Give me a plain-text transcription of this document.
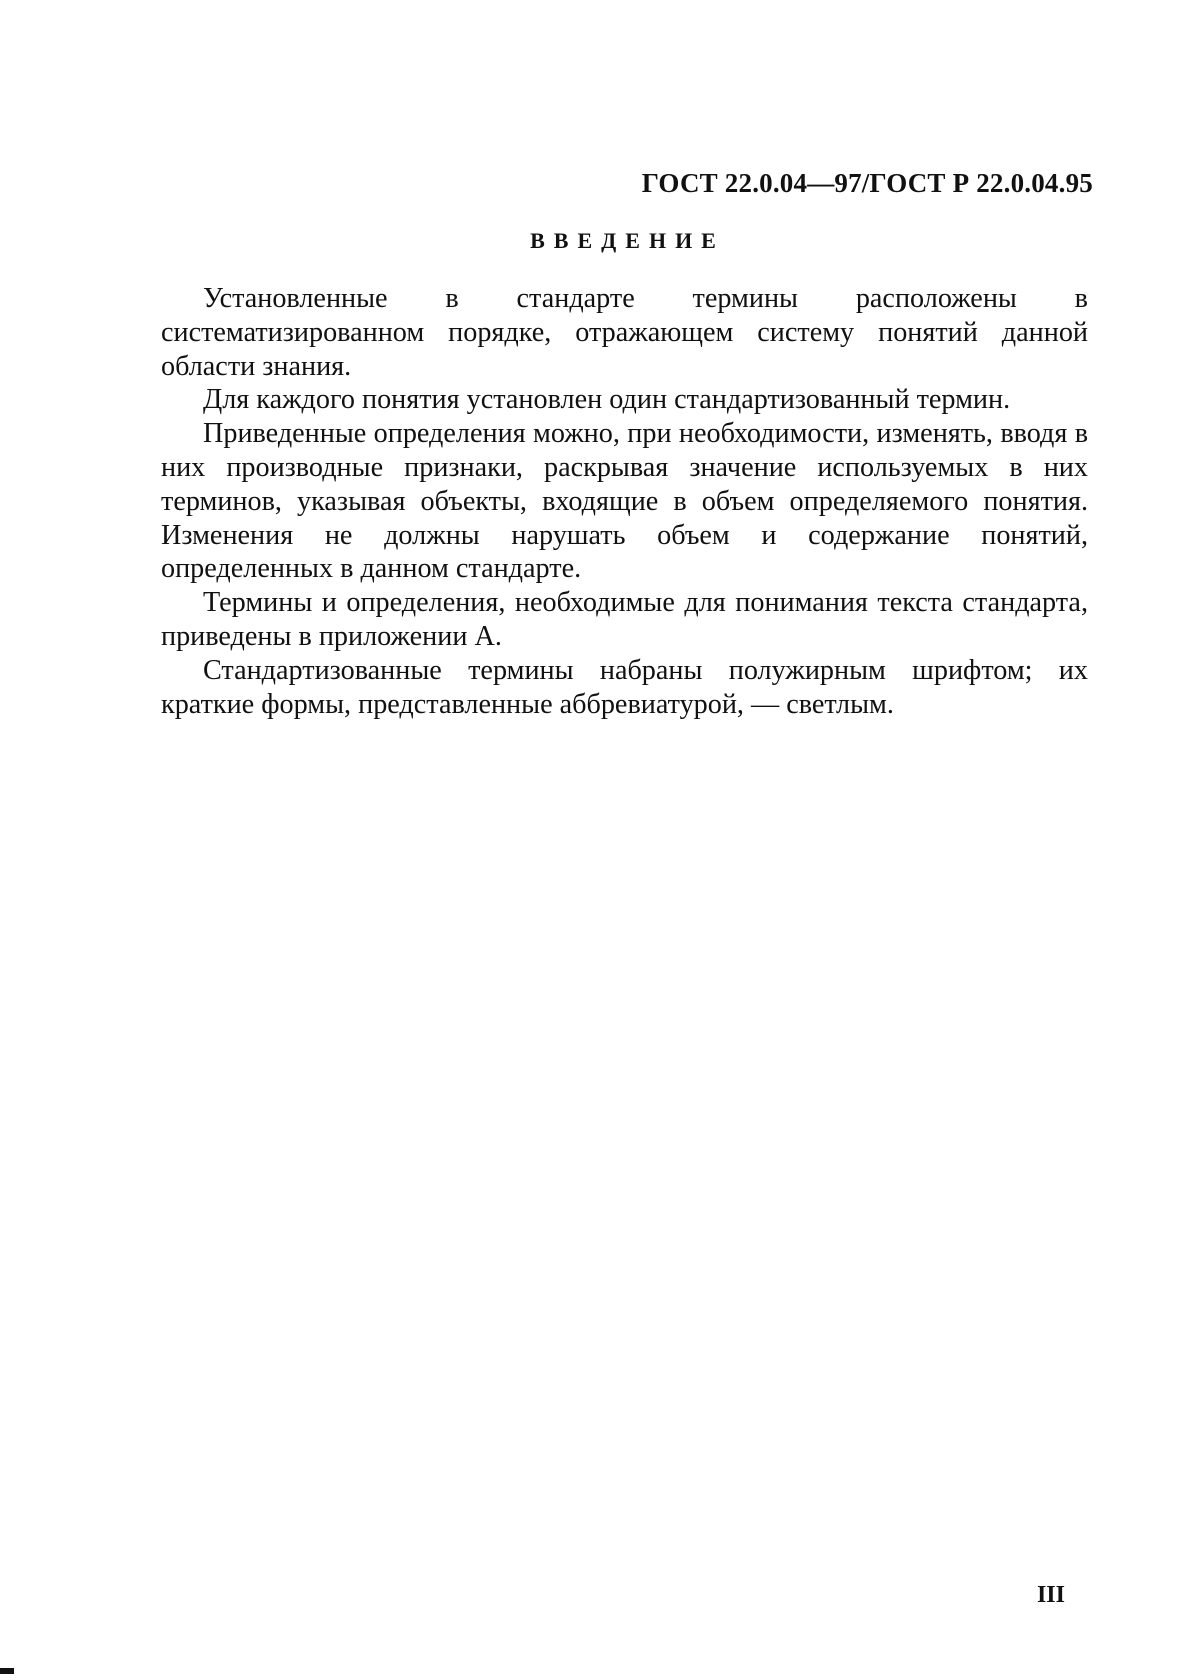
ГОСТ 22.0.04—97/ГОСТ Р 22.0.04.95
ВВЕДЕНИЕ

Установленные в стандарте термины расположены в систематизированном порядке, отражающем систему понятий данной области знания.

Для каждого понятия установлен один стандартизованный термин.

Приведенные определения можно, при необходимости, изменять, вводя в них производные признаки, раскрывая значение используемых в них терминов, указывая объекты, входящие в объем определяемого понятия. Изменения не должны нарушать объем и содержание понятий, определенных в данном стандарте.

Термины и определения, необходимые для понимания текста стандарта, приведены в приложении А.

Стандартизованные термины набраны полужирным шрифтом; их краткие формы, представленные аббревиатурой, — светлым.

III
